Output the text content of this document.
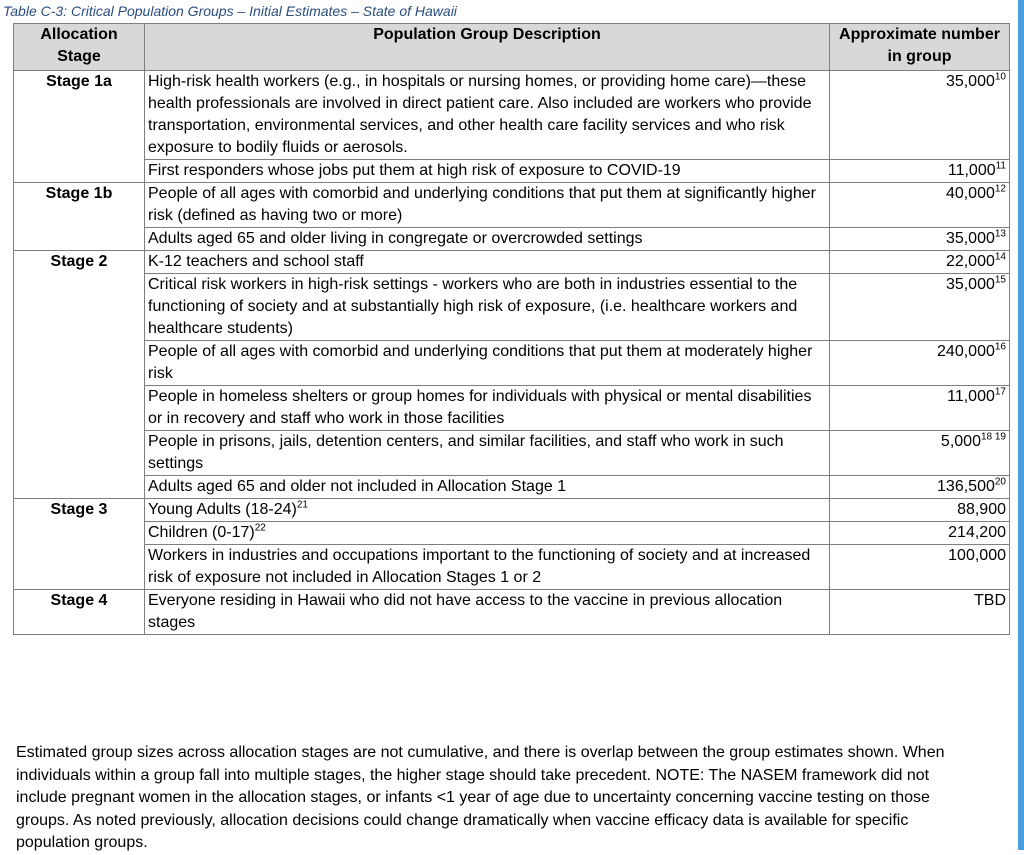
Table C-3: Critical Population Groups – Initial Estimates – State of Hawaii
Allocation
Stage	Population Group Description	Approximate number
in group
Stage 1a	High-risk health workers (e.g., in hospitals or nursing homes, or providing home care)—these health professionals are involved in direct patient care. Also included are workers who provide transportation, environmental services, and other health care facility services and who risk exposure to bodily fluids or aerosols.	35,000$^{10}$
	First responders whose jobs put them at high risk of exposure to COVID-19	11,000$^{11}$
Stage 1b	People of all ages with comorbid and underlying conditions that put them at significantly higher risk (defined as having two or more)	40,000$^{12}$
	Adults aged 65 and older living in congregate or overcrowded settings	35,000$^{13}$
Stage 2	K-12 teachers and school staff	22,000$^{14}$
	Critical risk workers in high-risk settings - workers who are both in industries essential to the functioning of society and at substantially high risk of exposure, (i.e. healthcare workers and healthcare students)	35,000$^{15}$
	People of all ages with comorbid and underlying conditions that put them at moderately higher risk	240,000$^{16}$
	People in homeless shelters or group homes for individuals with physical or mental disabilities or in recovery and staff who work in those facilities	11,000$^{17}$
	People in prisons, jails, detention centers, and similar facilities, and staff who work in such settings	$5,000^{18 19}$
	Adults aged 65 and older not included in Allocation Stage 1	136,500$^{20}$
Stage 3	Young Adults $(18-24)^{21}$	88,900
	Children $(0-17)^{22}$	214,200
	Workers in industries and occupations important to the functioning of society and at increased risk of exposure not included in Allocation Stages 1 or 2	100,000
Stage 4	Everyone residing in Hawaii who did not have access to the vaccine in previous allocation stages	TBD
Estimated group sizes across allocation stages are not cumulative, and there is overlap between the group estimates shown. When individuals within a group fall into multiple stages, the higher stage should take precedent. NOTE: The NASEM framework did not include pregnant women in the allocation stages, or infants <1 year of age due to uncertainty concerning vaccine testing on those groups. As noted previously, allocation decisions could change dramatically when vaccine efficacy data is available for specific population groups.
